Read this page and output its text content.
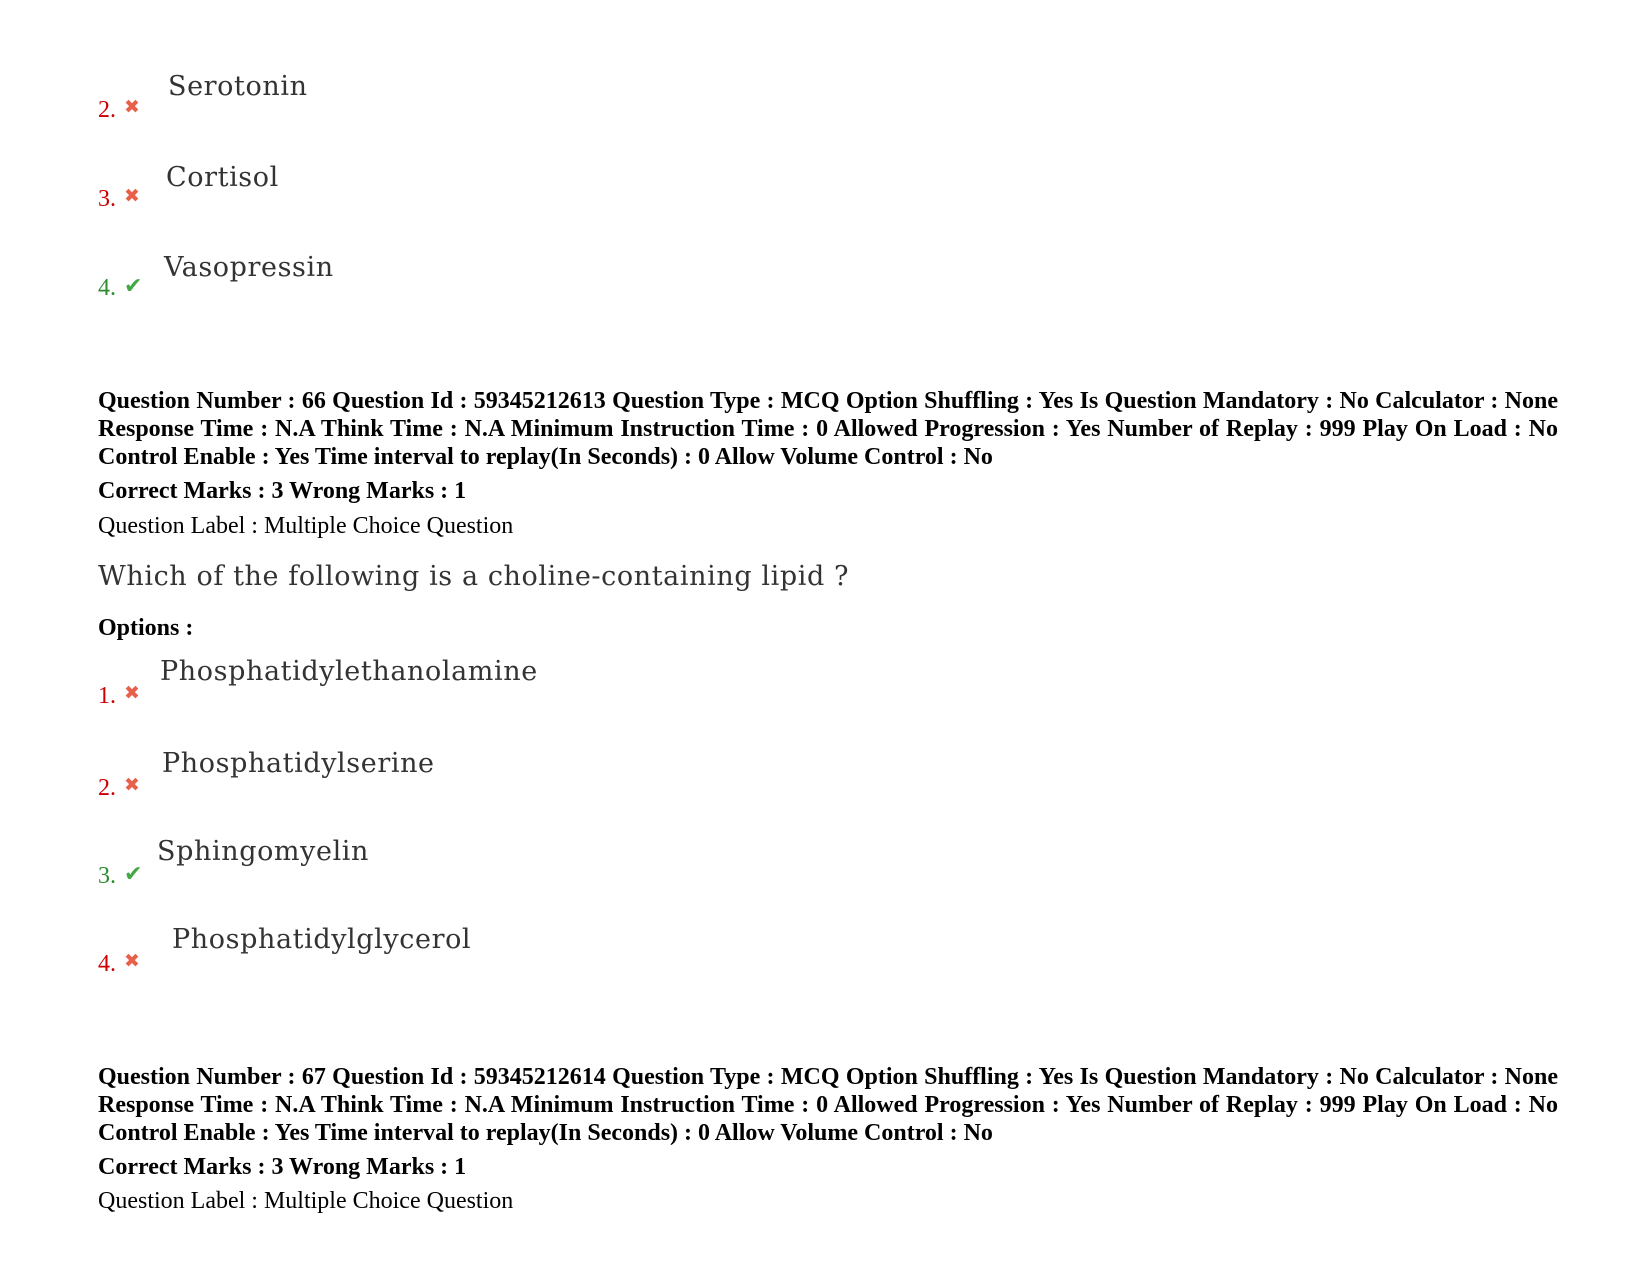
2. ✖
Serotonin
3. ✖
Cortisol
4. ✔
Vasopressin
Question Number : 66 Question Id : 59345212613 Question Type : MCQ Option Shuffling : Yes Is Question Mandatory : No Calculator : None Response Time : N.A Think Time : N.A Minimum Instruction Time : 0 Allowed Progression : Yes Number of Replay : 999 Play On Load : No Control Enable : Yes Time interval to replay(In Seconds) : 0 Allow Volume Control : No
Correct Marks : 3 Wrong Marks : 1
Question Label : Multiple Choice Question
Which of the following is a choline-containing lipid ?
Options :
1. ✖
Phosphatidylethanolamine
2. ✖
Phosphatidylserine
3. ✔
Sphingomyelin
4. ✖
Phosphatidylglycerol
Question Number : 67 Question Id : 59345212614 Question Type : MCQ Option Shuffling : Yes Is Question Mandatory : No Calculator : None Response Time : N.A Think Time : N.A Minimum Instruction Time : 0 Allowed Progression : Yes Number of Replay : 999 Play On Load : No Control Enable : Yes Time interval to replay(In Seconds) : 0 Allow Volume Control : No
Correct Marks : 3 Wrong Marks : 1
Question Label : Multiple Choice Question
